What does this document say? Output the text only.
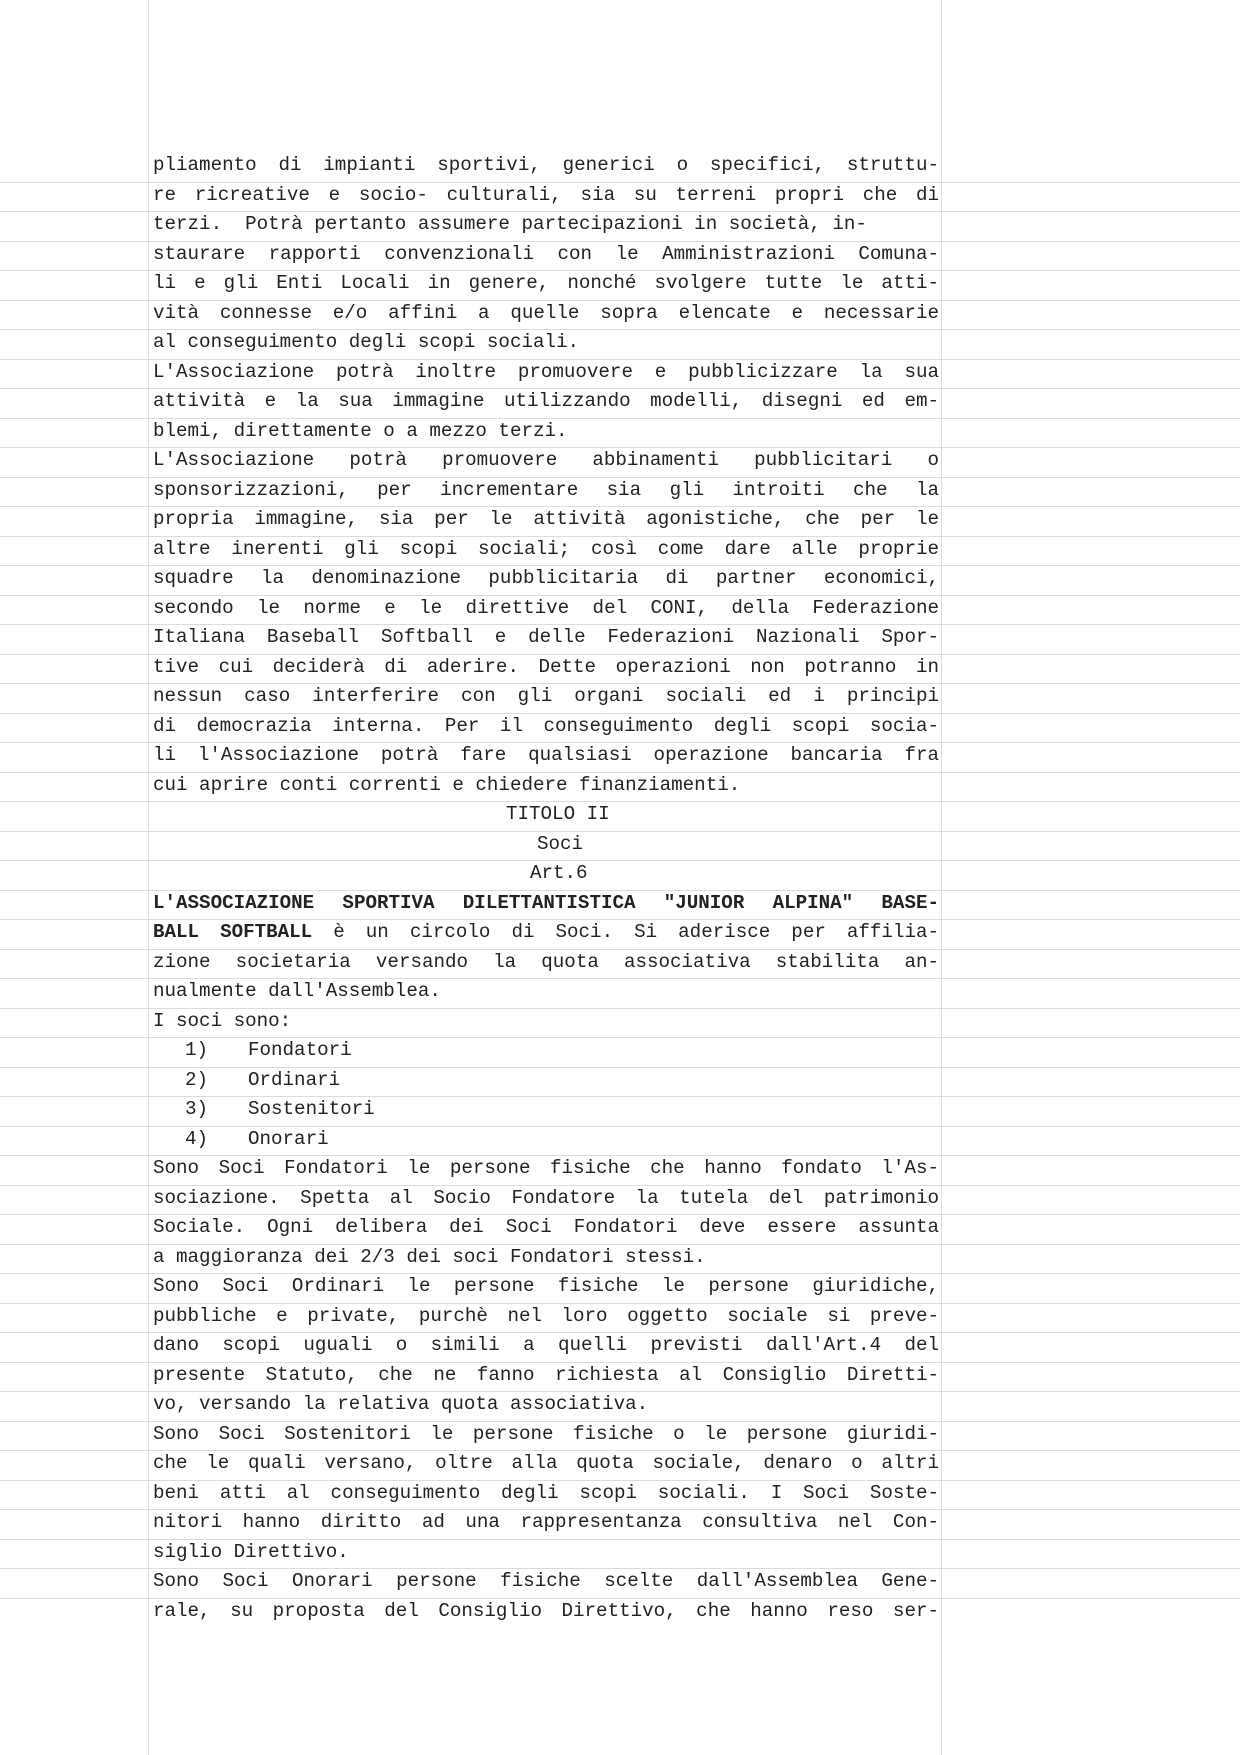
pliamento di impianti sportivi, generici o specifici, struttu-
re ricreative e socio- culturali, sia su terreni propri che di
terzi.  Potrà pertanto assumere partecipazioni in società, in-
staurare rapporti convenzionali con le Amministrazioni Comuna-
li e gli Enti Locali in genere, nonché svolgere tutte le atti-
vità connesse e/o affini a quelle sopra elencate e necessarie
al conseguimento degli scopi sociali.
L'Associazione potrà inoltre promuovere e pubblicizzare la sua
attività e la sua immagine utilizzando modelli, disegni ed em-
blemi, direttamente o a mezzo terzi.
L'Associazione potrà promuovere abbinamenti pubblicitari o
sponsorizzazioni, per incrementare sia gli introiti che la
propria immagine, sia per le attività agonistiche, che per le
altre inerenti gli scopi sociali; così come dare alle proprie
squadre la denominazione pubblicitaria di partner economici,
secondo le norme e le direttive del CONI, della Federazione
Italiana Baseball Softball e delle Federazioni Nazionali Spor-
tive cui deciderà di aderire. Dette operazioni non potranno in
nessun caso interferire con gli organi sociali ed i principi
di democrazia interna. Per il conseguimento degli scopi socia-
li l'Associazione potrà fare qualsiasi operazione bancaria fra
cui aprire conti correnti e chiedere finanziamenti.
TITOLO II
Soci
Art.6
L'ASSOCIAZIONE SPORTIVA DILETTANTISTICA "JUNIOR ALPINA" BASE-
BALL SOFTBALL è un circolo di Soci. Si aderisce per affilia-
zione societaria versando la quota associativa stabilita an-
nualmente dall'Assemblea.
I soci sono:
1) Fondatori
2) Ordinari
3) Sostenitori
4) Onorari
Sono Soci Fondatori le persone fisiche che hanno fondato l'As-
sociazione. Spetta al Socio Fondatore la tutela del patrimonio
Sociale. Ogni delibera dei Soci Fondatori deve essere assunta
a maggioranza dei 2/3 dei soci Fondatori stessi.
Sono Soci Ordinari le persone fisiche le persone giuridiche,
pubbliche e private, purchè nel loro oggetto sociale si preve-
dano scopi uguali o simili a quelli previsti dall'Art.4 del
presente Statuto, che ne fanno richiesta al Consiglio Diretti-
vo, versando la relativa quota associativa.
Sono Soci Sostenitori le persone fisiche o le persone giuridi-
che le quali versano, oltre alla quota sociale, denaro o altri
beni atti al conseguimento degli scopi sociali. I Soci Soste-
nitori hanno diritto ad una rappresentanza consultiva nel Con-
siglio Direttivo.
Sono Soci Onorari persone fisiche scelte dall'Assemblea Gene-
rale, su proposta del Consiglio Direttivo, che hanno reso ser-
